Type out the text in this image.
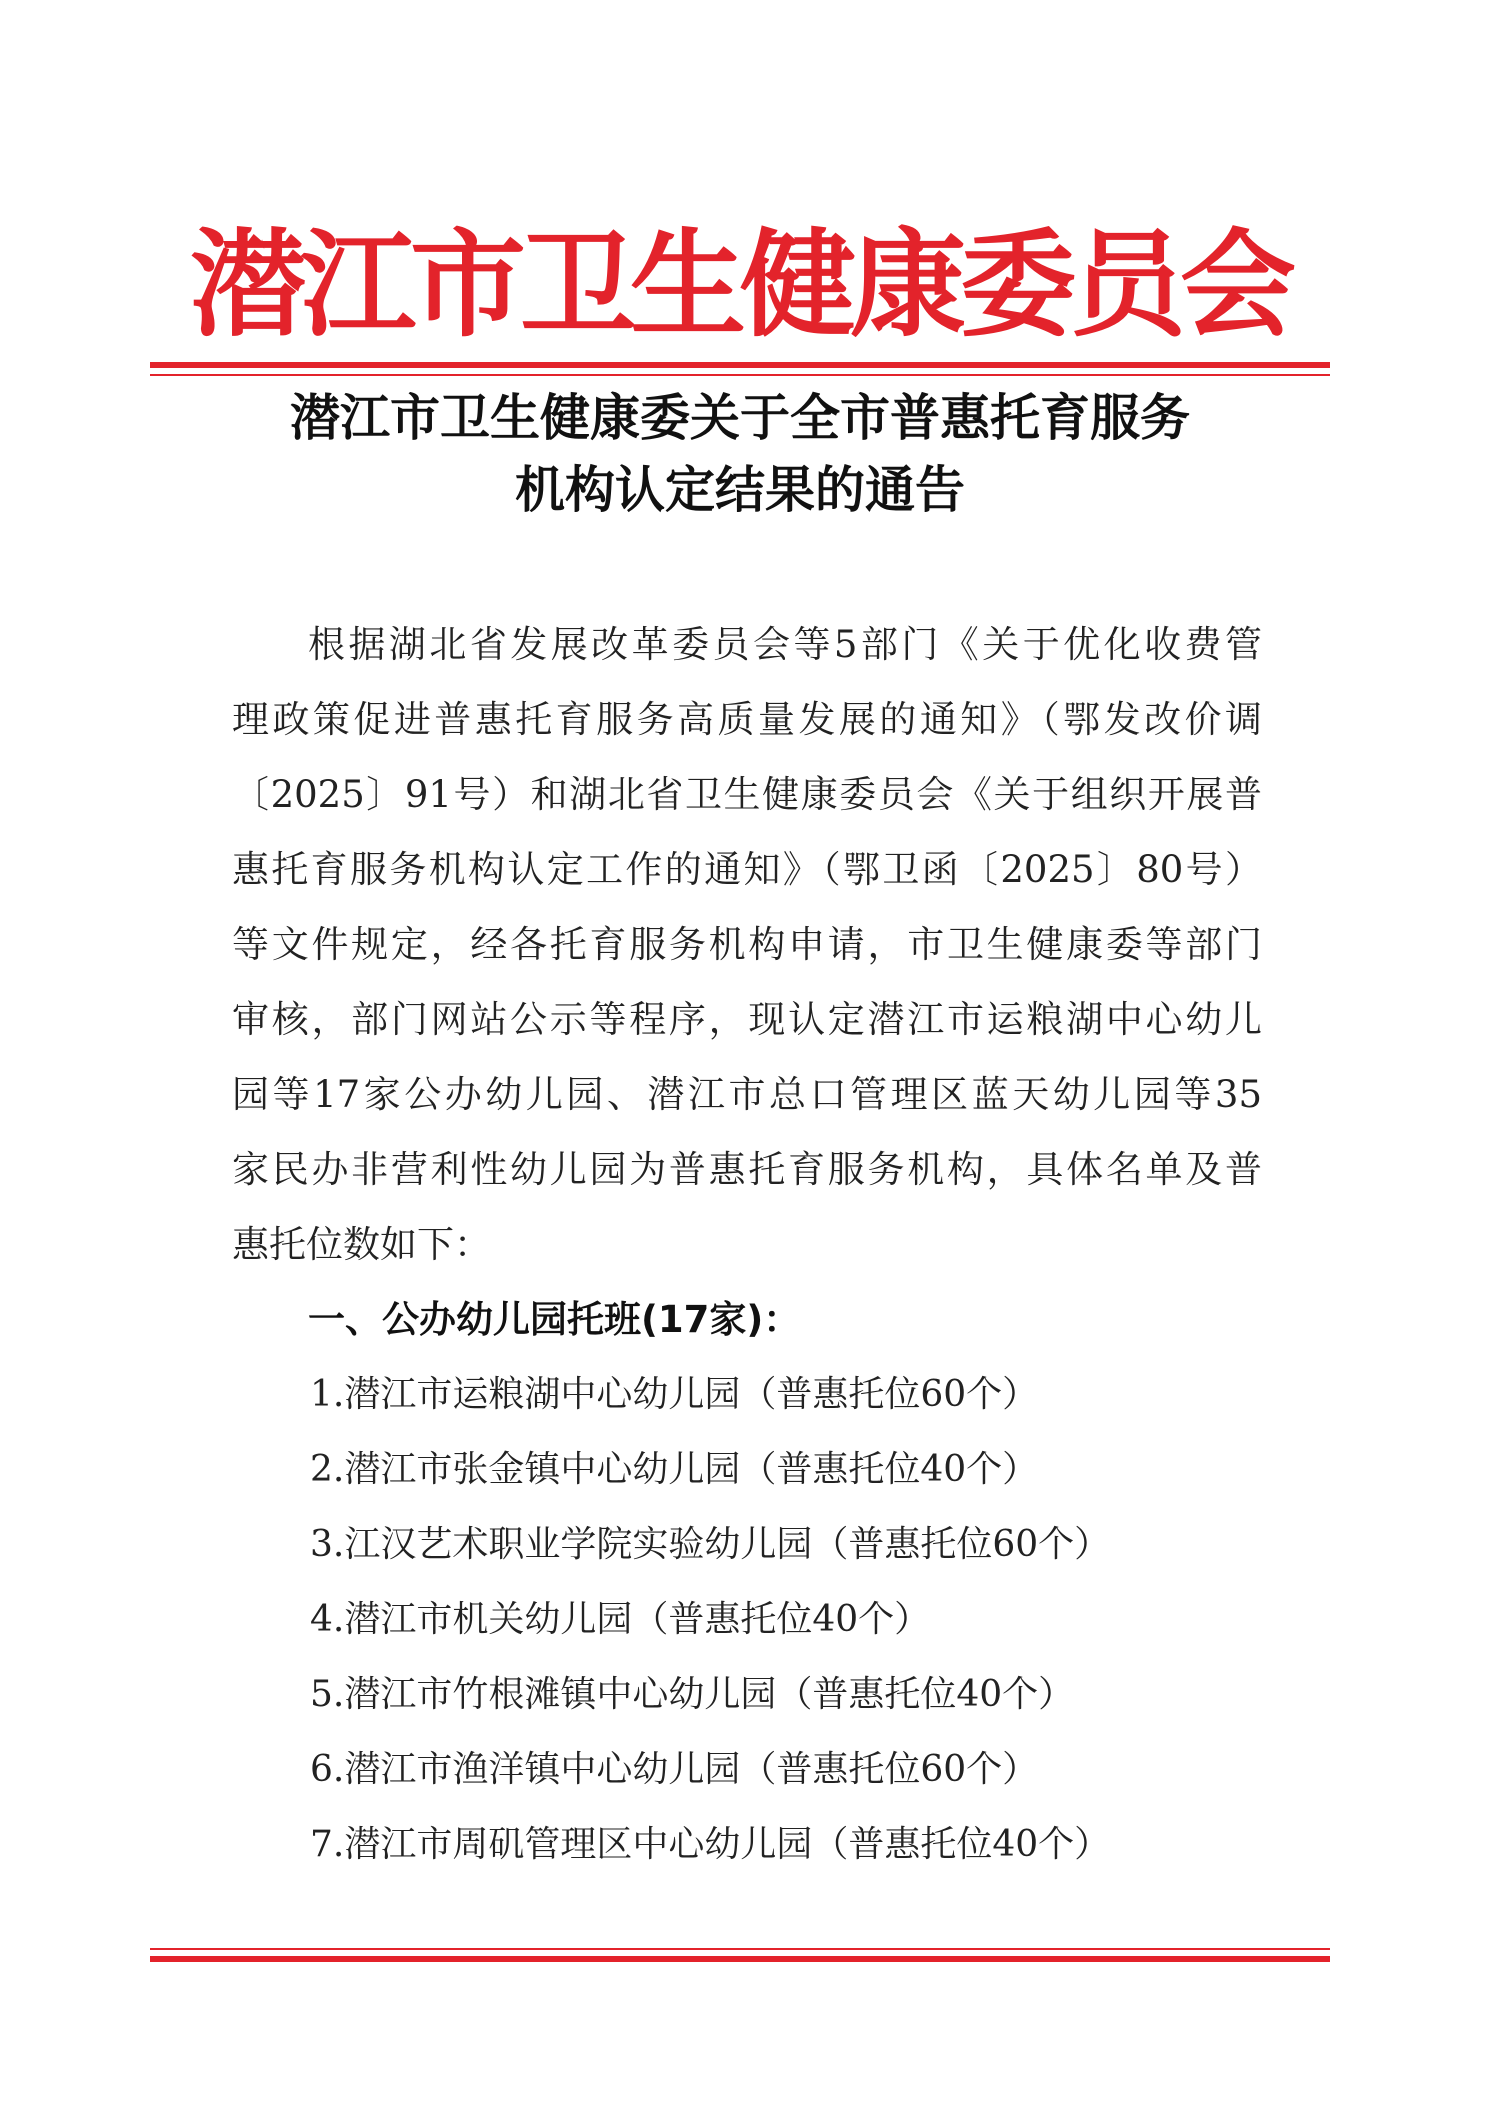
潜江市卫生健康委员会
潜江市卫生健康委关于全市普惠托育服务
机构认定结果的通告
根据湖北省发展改革委员会等5部门《关于优化收费管
理政策促进普惠托育服务高质量发展的通知》（鄂发改价调
〔2025〕91号）和湖北省卫生健康委员会《关于组织开展普
惠托育服务机构认定工作的通知》（鄂卫函〔2025〕80号）
等文件规定，经各托育服务机构申请，市卫生健康委等部门
审核，部门网站公示等程序，现认定潜江市运粮湖中心幼儿
园等17家公办幼儿园、潜江市总口管理区蓝天幼儿园等35
家民办非营利性幼儿园为普惠托育服务机构，具体名单及普
惠托位数如下：
一、公办幼儿园托班(17家)：
1.潜江市运粮湖中心幼儿园（普惠托位60个）
2.潜江市张金镇中心幼儿园（普惠托位40个）
3.江汉艺术职业学院实验幼儿园（普惠托位60个）
4.潜江市机关幼儿园（普惠托位40个）
5.潜江市竹根滩镇中心幼儿园（普惠托位40个）
6.潜江市渔洋镇中心幼儿园（普惠托位60个）
7.潜江市周矶管理区中心幼儿园（普惠托位40个）
